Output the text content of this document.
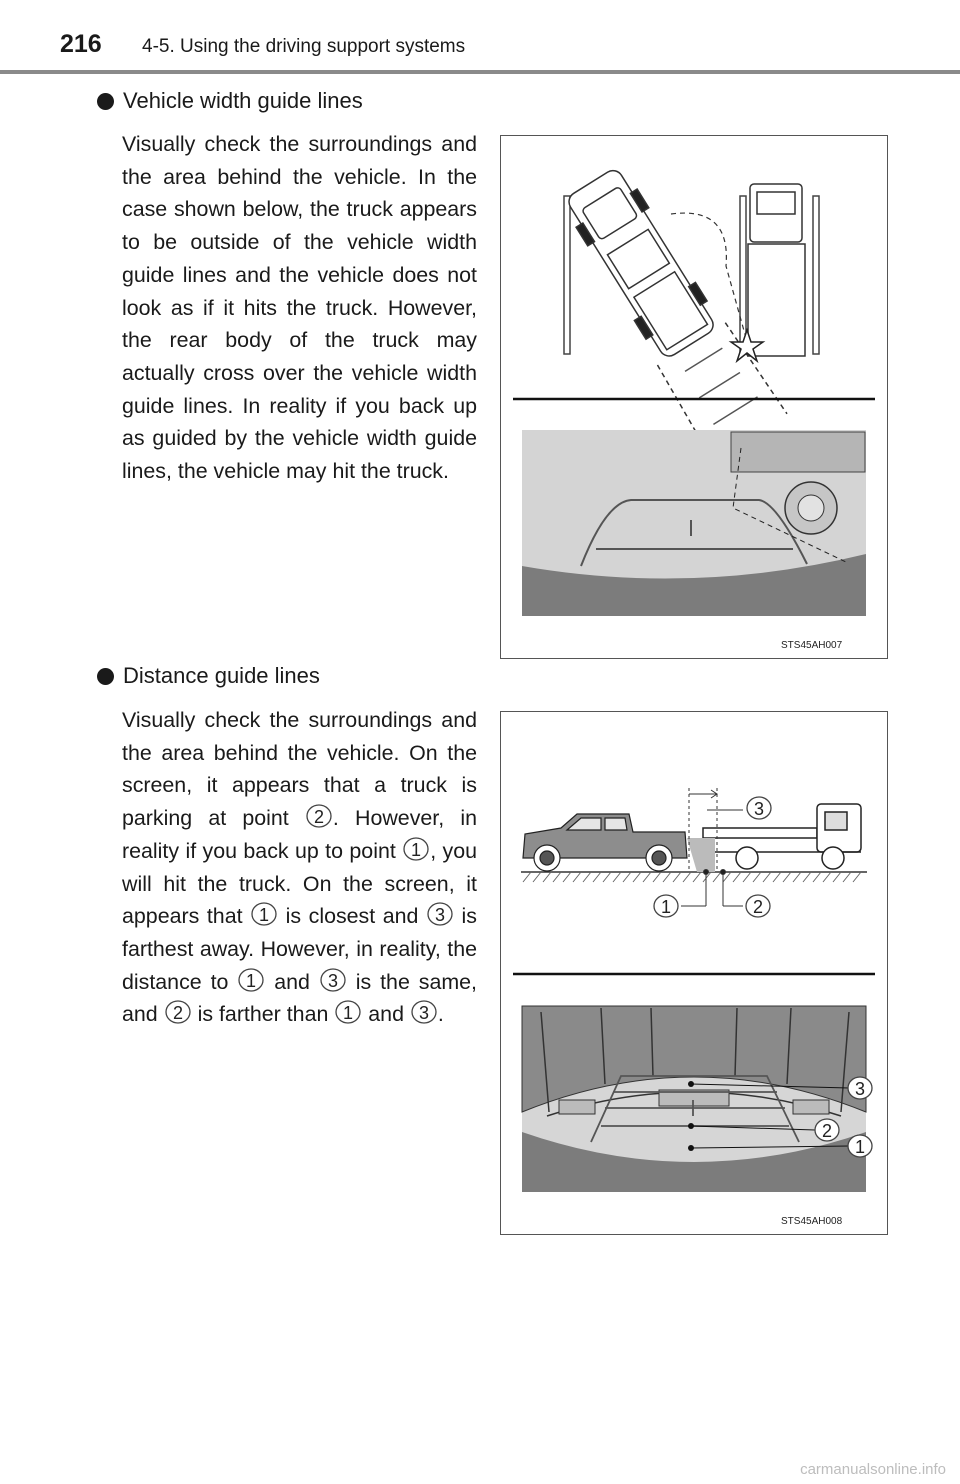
216 4-5. Using the driving support systems
Vehicle width guide lines
Visually check the surroundings and the area behind the vehicle. In the case shown below, the truck appears to be outside of the vehicle width guide lines and the vehicle does not look as if it hits the truck. However, the rear body of the truck may actually cross over the vehicle width guide lines. In reality if you back up as guided by the vehicle width guide lines, the vehicle may hit the truck.
STS45AH007
Distance guide lines
Visually check the surroundings and the area behind the vehicle. On the screen, it appears that a truck is parking at point 2 . However, in reality if you back up to point 1 , you will hit the truck. On the screen, it appears that 1 is closest and 3 is farthest away. However, in reality, the distance to 1 and 3 is the same, and 2 is farther than 1 and 3 .
3
1	2
3
2
1
STS45AH008
carmanualsonline.info
